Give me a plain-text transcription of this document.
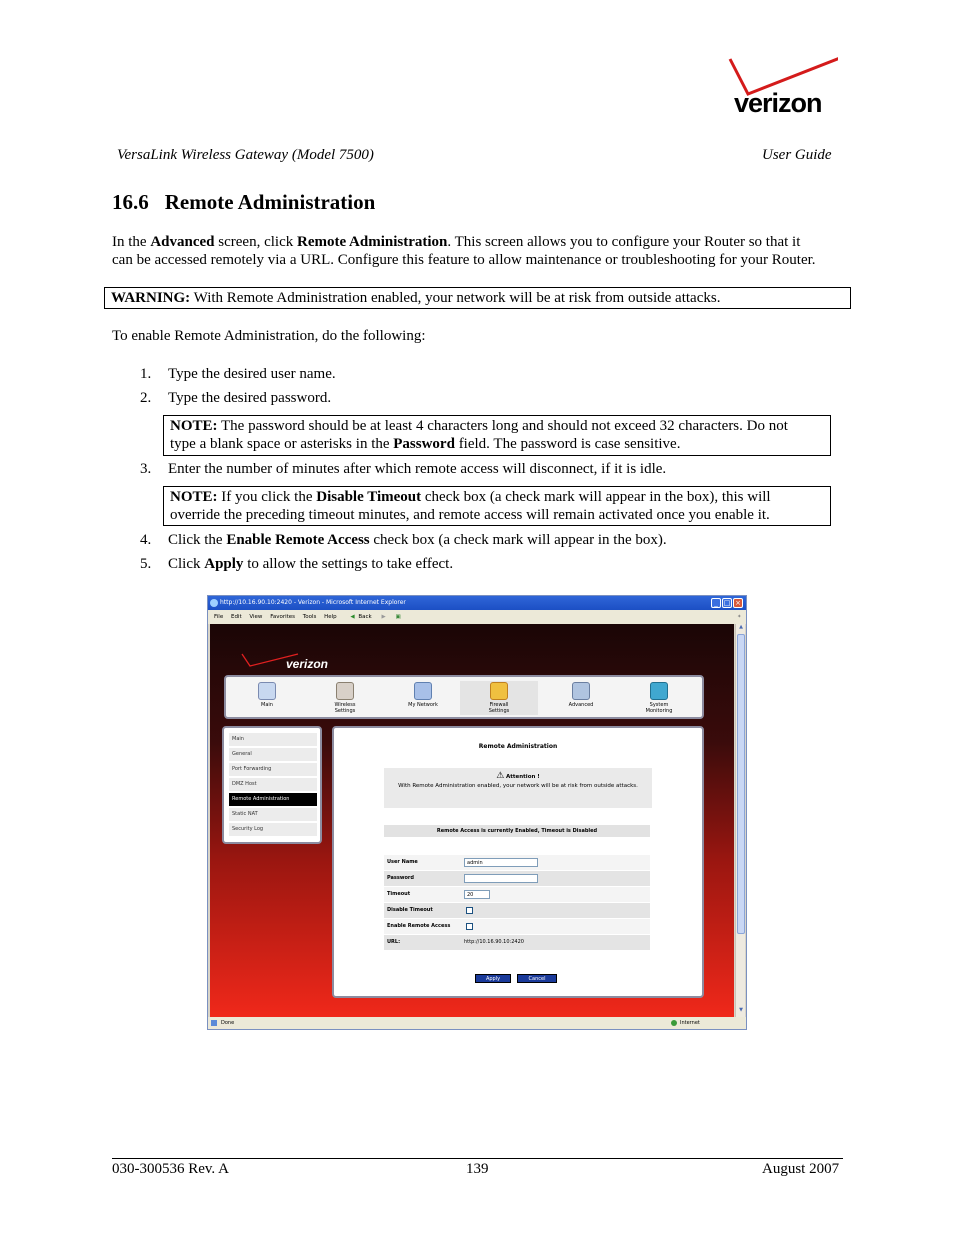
verizon
VersaLink Wireless Gateway (Model 7500)	User Guide
16.6 Remote Administration
In the Advanced screen, click Remote Administration. This screen allows you to configure your Router so that it
can be accessed remotely via a URL. Configure this feature to allow maintenance or troubleshooting for your Router.
WARNING: With Remote Administration enabled, your network will be at risk from outside attacks.
To enable Remote Administration, do the following:
1. Type the desired user name.
2. Type the desired password.
NOTE: The password should be at least 4 characters long and should not exceed 32 characters. Do not
type a blank space or asterisks in the Password field. The password is case sensitive.
3. Enter the number of minutes after which remote access will disconnect, if it is idle.
NOTE: If you click the Disable Timeout check box (a check mark will appear in the box), this will
override the preceding timeout minutes, and remote access will remain activated once you enable it.
4. Click the Enable Remote Access check box (a check mark will appear in the box).
5. Click Apply to allow the settings to take effect.
http://10.16.90.10:2420 - Verizon - Microsoft Internet Explorer	_ □ ×
File Edit View Favorites Tools Help	◀ Back ▶ ▣	✦
verizon
Main	Wireless Settings
My Network	Firewall Settings
Advanced	System Monitoring
Main
General
Port Forwarding
DMZ Host
Remote Administration
Static NAT
Security Log
Remote Administration
⚠ Attention !
With Remote Administration enabled, your network will be at risk from outside attacks.
Remote Access is currently Enabled, Timeout is Disabled
User Name	admin
Password
Timeout	20
Disable Timeout
Enable Remote Access
URL:	http://10.16.90.10:2420
Apply	Cancel
▲
▼
Done	Internet
030-300536 Rev. A	139	August 2007
